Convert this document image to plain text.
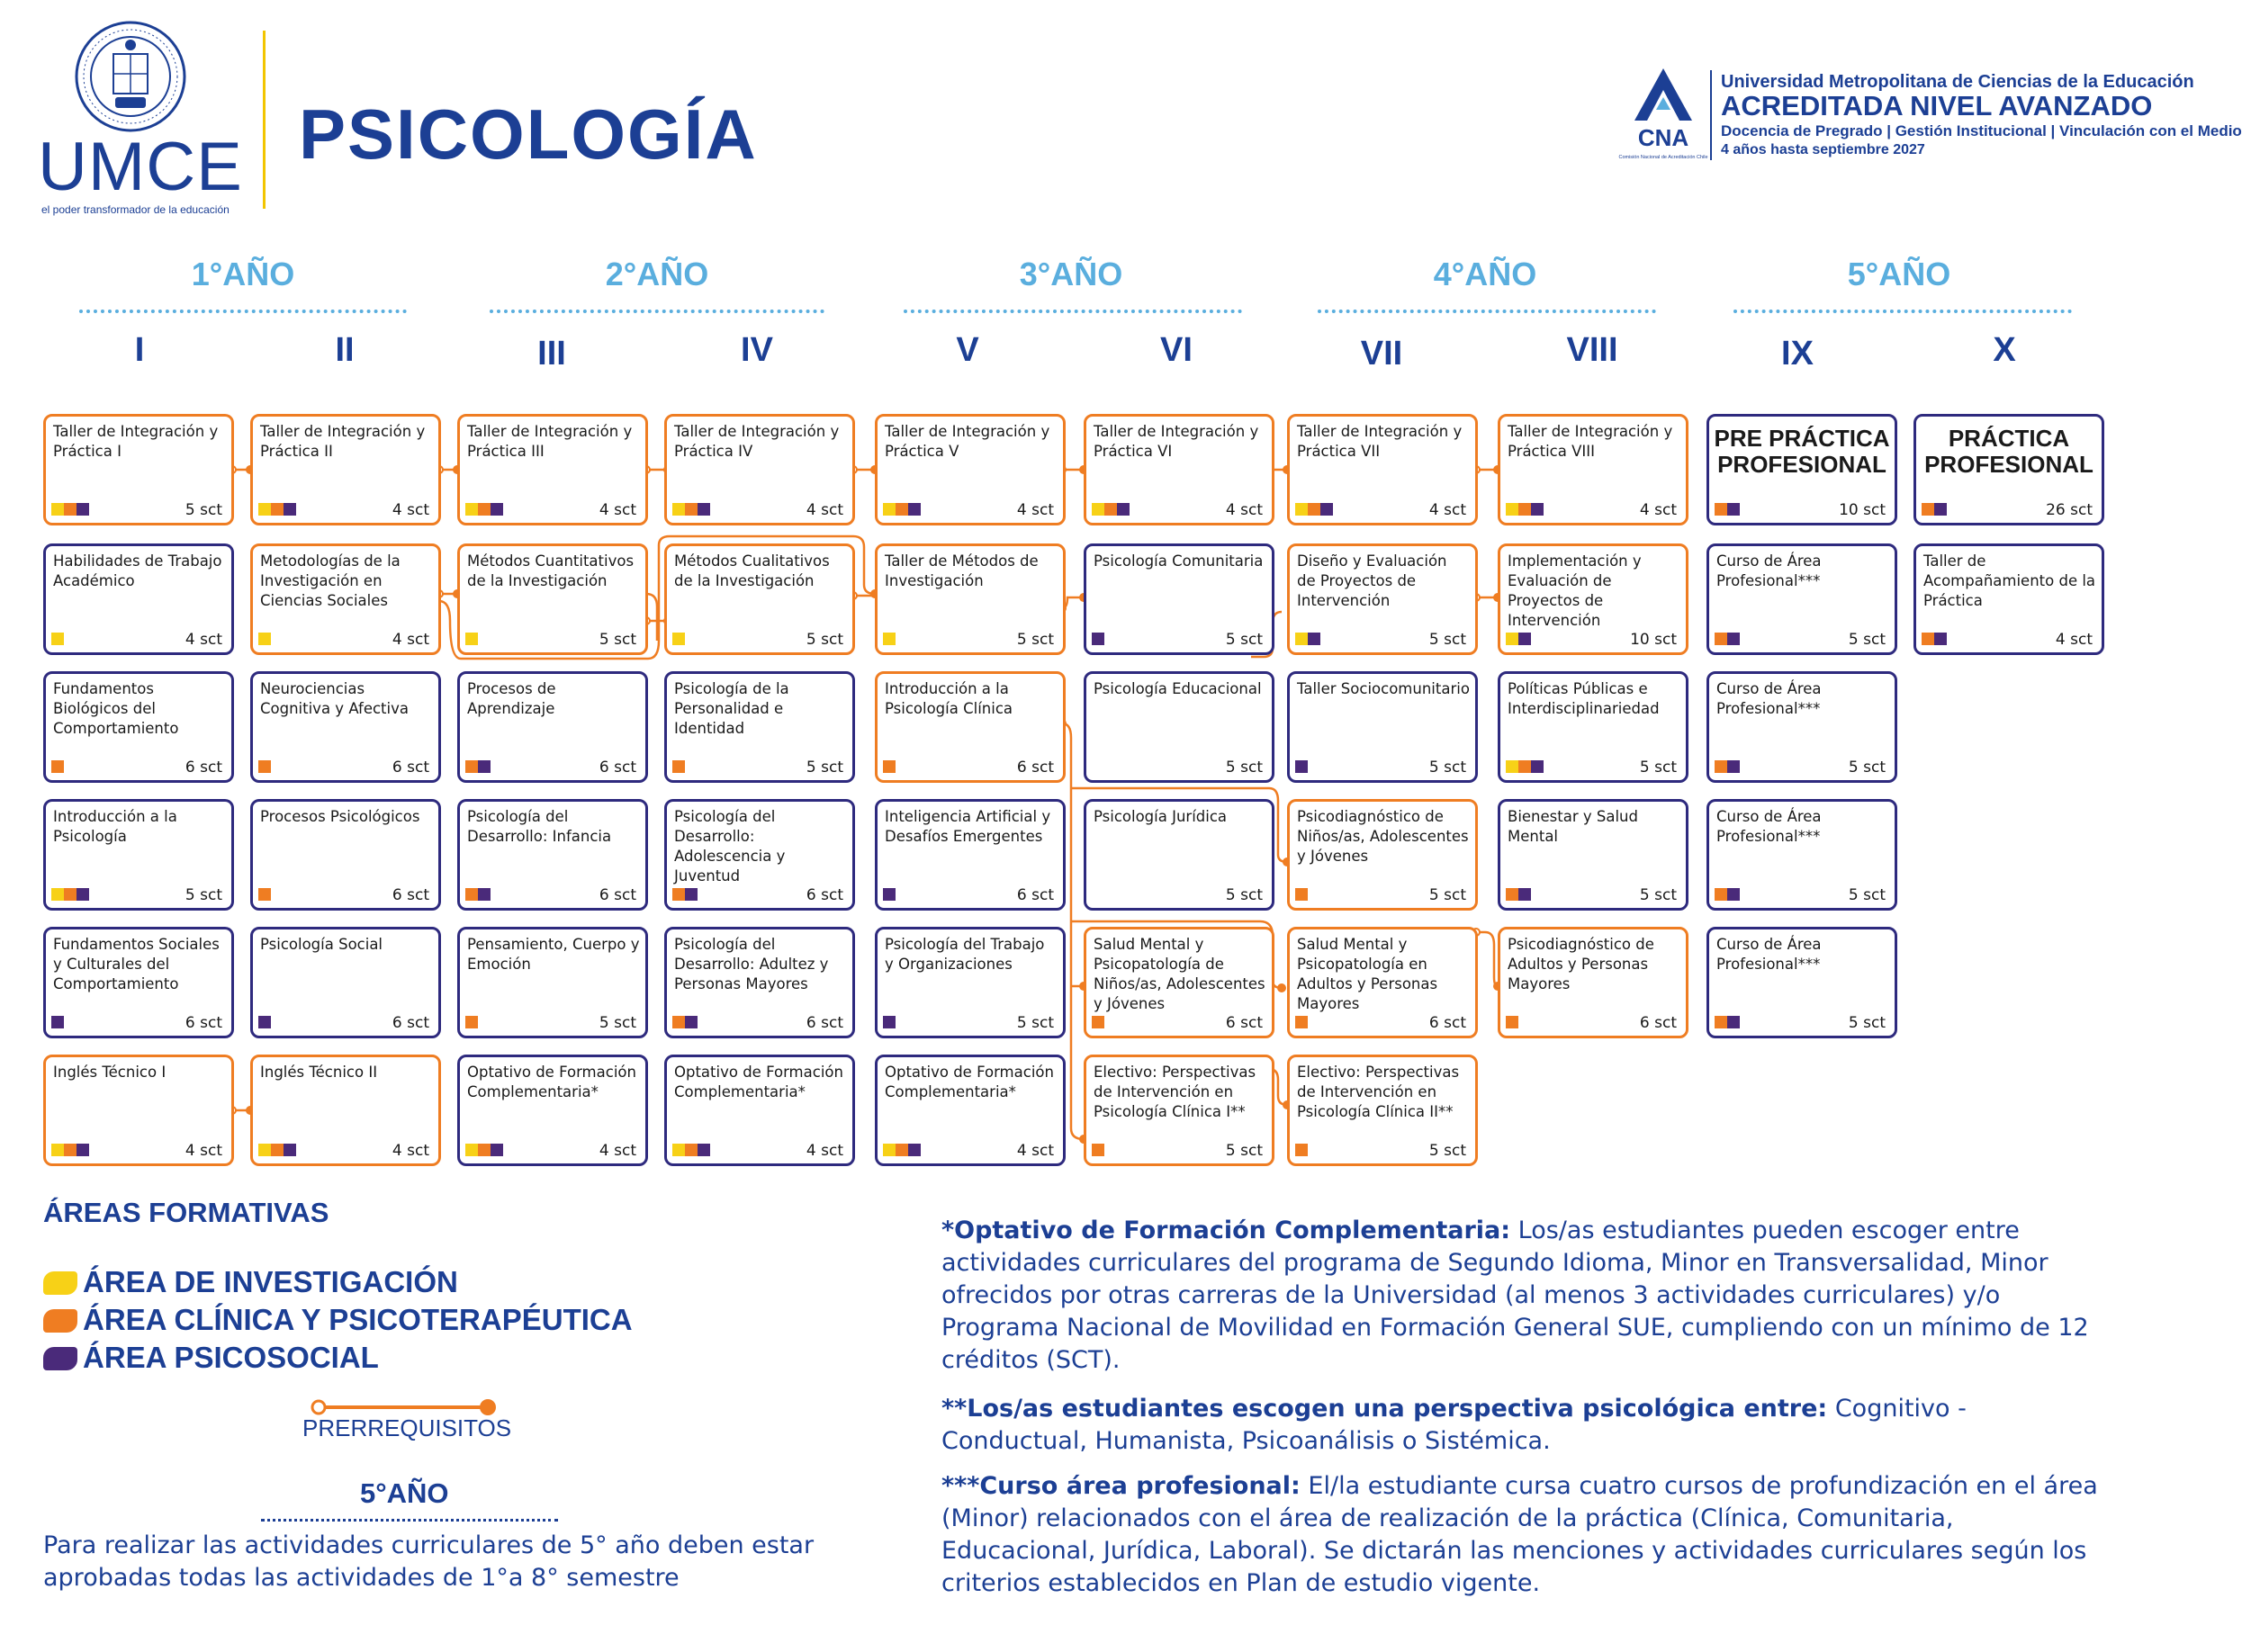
UMCE
el poder transformador de la educación
PSICOLOGÍA	CNA
Comisión Nacional de Acreditación Chile
Universidad Metropolitana de Ciencias de la Educación
ACREDITADA NIVEL AVANZADO
Docencia de Pregrado | Gestión Institucional | Vinculación con el Medio
4 años hasta septiembre 2027
1°AÑO	2°AÑO	3°AÑO	4°AÑO	5°AÑO
I	II	III	IV	V	VI	VII	VIII	IX	X
Taller de Integración y Práctica I
5 sct
Habilidades de Trabajo Académico
4 sct
Fundamentos Biológicos del Comportamiento
6 sct
Introducción a la Psicología
5 sct
Fundamentos Sociales y Culturales del Comportamiento
6 sct
Inglés Técnico I
4 sct
Taller de Integración y Práctica II
4 sct
Metodologías de la Investigación en Ciencias Sociales
4 sct
Neurociencias Cognitiva y Afectiva
6 sct
Procesos Psicológicos
6 sct
Psicología Social
6 sct
Inglés Técnico II
4 sct
Taller de Integración y Práctica III
4 sct
Métodos Cuantitativos de la Investigación
5 sct
Procesos de Aprendizaje
6 sct
Psicología del Desarrollo: Infancia
6 sct
Pensamiento, Cuerpo y Emoción
5 sct
Optativo de Formación Complementaria*
4 sct
Taller de Integración y Práctica IV
4 sct
Métodos Cualitativos de la Investigación
5 sct
Psicología de la Personalidad e Identidad
5 sct
Psicología del Desarrollo: Adolescencia y Juventud
6 sct
Psicología del Desarrollo: Adultez y Personas Mayores
6 sct
Optativo de Formación Complementaria*
4 sct
Taller de Integración y Práctica V
4 sct
Taller de Métodos de Investigación
5 sct
Introducción a la Psicología Clínica
6 sct
Inteligencia Artificial y Desafíos Emergentes
6 sct
Psicología del Trabajo y Organizaciones
5 sct
Optativo de Formación Complementaria*
4 sct
Taller de Integración y Práctica VI
4 sct
Psicología Comunitaria
5 sct
Psicología Educacional
5 sct
Psicología Jurídica
5 sct
Salud Mental y Psicopatología de Niños/as, Adolescentes y Jóvenes
6 sct
Electivo: Perspectivas de Intervención en Psicología Clínica I**
5 sct
Taller de Integración y Práctica VII
4 sct
Diseño y Evaluación de Proyectos de Intervención
5 sct
Taller Sociocomunitario
5 sct
Psicodiagnóstico de Niños/as, Adolescentes y Jóvenes
5 sct
Salud Mental y Psicopatología en Adultos y Personas Mayores
6 sct
Electivo: Perspectivas de Intervención en Psicología Clínica II**
5 sct
Taller de Integración y Práctica VIII
4 sct
Implementación y Evaluación de Proyectos de Intervención
10 sct
Políticas Públicas e Interdisciplinariedad
5 sct
Bienestar y Salud Mental
5 sct
Psicodiagnóstico de Adultos y Personas Mayores
6 sct
PRE PRÁCTICA PROFESIONAL
10 sct
Curso de Área Profesional***
5 sct
Curso de Área Profesional***
5 sct
Curso de Área Profesional***
5 sct
Curso de Área Profesional***
5 sct
PRÁCTICA PROFESIONAL
26 sct
Taller de Acompañamiento de la Práctica
4 sct
ÁREAS FORMATIVAS
ÁREA DE INVESTIGACIÓN
ÁREA CLÍNICA Y PSICOTERAPÉUTICA
ÁREA PSICOSOCIAL
PRERREQUISITOS
5°AÑO
Para realizar las actividades curriculares de 5° año deben estar aprobadas todas las actividades de 1°a 8° semestre
*Optativo de Formación Complementaria: Los/as estudiantes pueden escoger entre actividades curriculares del programa de Segundo Idioma, Minor en Transversalidad, Minor ofrecidos por otras carreras de la Universidad (al menos 3 actividades curriculares) y/o Programa Nacional de Movilidad en Formación General SUE, cumpliendo con un mínimo de 12 créditos (SCT).
**Los/as estudiantes escogen una perspectiva psicológica entre: Cognitivo - Conductual, Humanista, Psicoanálisis o Sistémica.
***Curso área profesional: El/la estudiante cursa cuatro cursos de profundización en el área (Minor) relacionados con el área de realización de la práctica (Clínica, Comunitaria, Educacional, Jurídica, Laboral). Se dictarán las menciones y actividades curriculares según los criterios establecidos en Plan de estudio vigente.
